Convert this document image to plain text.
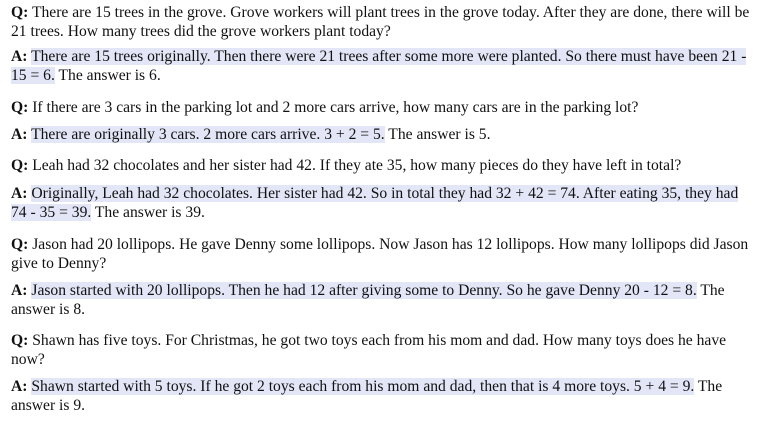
Q: There are 15 trees in the grove. Grove workers will plant trees in the grove today. After they are done, there will be 21 trees. How many trees did the grove workers plant today?

A: There are 15 trees originally. Then there were 21 trees after some more were planted. So there must have been 21 - 15 = 6. The answer is 6.

Q: If there are 3 cars in the parking lot and 2 more cars arrive, how many cars are in the parking lot?

A: There are originally 3 cars. 2 more cars arrive. 3 + 2 = 5. The answer is 5.

Q: Leah had 32 chocolates and her sister had 42. If they ate 35, how many pieces do they have left in total?

A: Originally, Leah had 32 chocolates. Her sister had 42. So in total they had 32 + 42 = 74. After eating 35, they had 74 - 35 = 39. The answer is 39.

Q: Jason had 20 lollipops. He gave Denny some lollipops. Now Jason has 12 lollipops. How many lollipops did Jason give to Denny?

A: Jason started with 20 lollipops. Then he had 12 after giving some to Denny. So he gave Denny 20 - 12 = 8. The answer is 8.

Q: Shawn has five toys. For Christmas, he got two toys each from his mom and dad. How many toys does he have now?

A: Shawn started with 5 toys. If he got 2 toys each from his mom and dad, then that is 4 more toys. 5 + 4 = 9. The answer is 9.
